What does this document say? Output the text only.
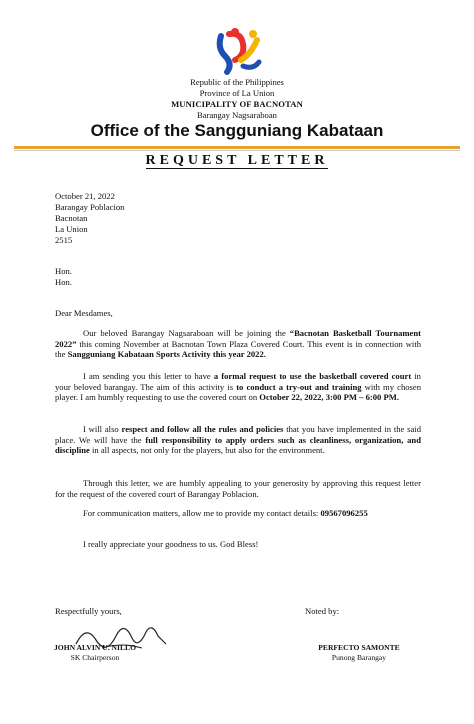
Republic of the Philippines
Province of La Union
MUNICIPALITY OF BACNOTAN
Barangay Nagsaraboan
Office of the Sangguniang Kabataan
REQUEST LETTER
October 21, 2022
Barangay Poblacion
Bacnotan
La Union
2515
Hon.
Hon.
Dear Mesdames,
Our beloved Barangay Nagsaraboan will be joining the “Bacnotan Basketball Tournament 2022” this coming November at Bacnotan Town Plaza Covered Court. This event is in connection with the Sangguniang Kabataan Sports Activity this year 2022.
I am sending you this letter to have a formal request to use the basketball covered court in your beloved barangay. The aim of this activity is to conduct a try-out and training with my chosen player. I am humbly requesting to use the covered court on October 22, 2022, 3:00 PM – 6:00 PM.
I will also respect and follow all the rules and policies that you have implemented in the said place. We will have the full responsibility to apply orders such as cleanliness, organization, and discipline in all aspects, not only for the players, but also for the environment.
Through this letter, we are humbly appealing to your generosity by approving this request letter for the request of the covered court of Barangay Poblacion.
For communication matters, allow me to provide my contact details: 09567096255
I really appreciate your goodness to us. God Bless!
Respectfully yours,	Noted by:
JOHN ALVIN U. NILLO
SK Chairperson
PERFECTO SAMONTE
Punong Barangay
